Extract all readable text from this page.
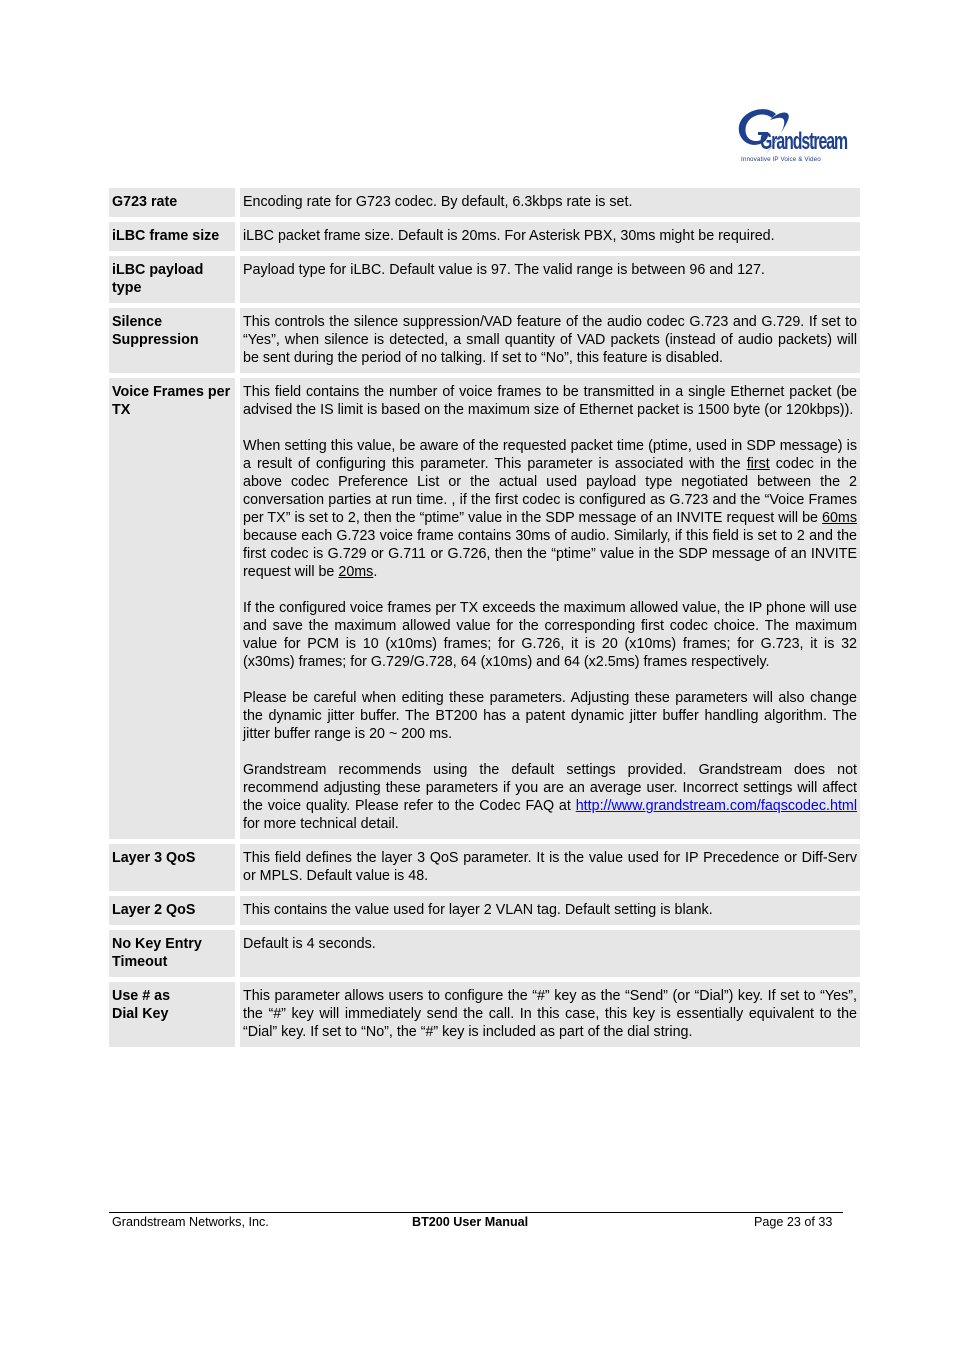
Grandstream
Innovative IP Voice & Video
G723 rate	Encoding rate for G723 codec. By default, 6.3kbps rate is set.

iLBC frame size	iLBC packet frame size. Default is 20ms. For Asterisk PBX, 30ms might be required.

iLBC payload type	Payload type for iLBC. Default value is 97. The valid range is between 96 and 127.

Silence Suppression	This controls the silence suppression/VAD feature of the audio codec G.723 and G.729. If set to “Yes”, when silence is detected, a small quantity of VAD packets (instead of audio packets) will be sent during the period of no talking. If set to “No”, this feature is disabled.

Voice Frames per TX	This field contains the number of voice frames to be transmitted in a single Ethernet packet (be advised the IS limit is based on the maximum size of Ethernet packet is 1500 byte (or 120kbps)).

When setting this value, be aware of the requested packet time (ptime, used in SDP message) is a result of configuring this parameter. This parameter is associated with the first codec in the above codec Preference List or the actual used payload type negotiated between the 2 conversation parties at run time. , if the first codec is configured as G.723 and the “Voice Frames per TX” is set to 2, then the “ptime” value in the SDP message of an INVITE request will be 60ms because each G.723 voice frame contains 30ms of audio. Similarly, if this field is set to 2 and the first codec is G.729 or G.711 or G.726, then the “ptime” value in the SDP message of an INVITE request will be 20ms.

If the configured voice frames per TX exceeds the maximum allowed value, the IP phone will use and save the maximum allowed value for the corresponding first codec choice. The maximum value for PCM is 10 (x10ms) frames; for G.726, it is 20 (x10ms) frames; for G.723, it is 32 (x30ms) frames; for G.729/G.728, 64 (x10ms) and 64 (x2.5ms) frames respectively.

Please be careful when editing these parameters. Adjusting these parameters will also change the dynamic jitter buffer. The BT200 has a patent dynamic jitter buffer handling algorithm. The jitter buffer range is 20 ~ 200 ms.

Grandstream recommends using the default settings provided. Grandstream does not recommend adjusting these parameters if you are an average user. Incorrect settings will affect the voice quality. Please refer to the Codec FAQ at http://www.grandstream.com/faqscodec.html for more technical detail.

Layer 3 QoS	This field defines the layer 3 QoS parameter. It is the value used for IP Precedence or Diff-Serv or MPLS. Default value is 48.

Layer 2 QoS	This contains the value used for layer 2 VLAN tag. Default setting is blank.

No Key Entry Timeout	Default is 4 seconds.

Use # as
Dial Key	This parameter allows users to configure the “#” key as the “Send” (or “Dial”) key. If set to “Yes”, the “#” key will immediately send the call. In this case, this key is essentially equivalent to the “Dial” key. If set to “No”, the “#” key is included as part of the dial string.

Grandstream Networks, Inc.	BT200 User Manual	Page 23 of 33
